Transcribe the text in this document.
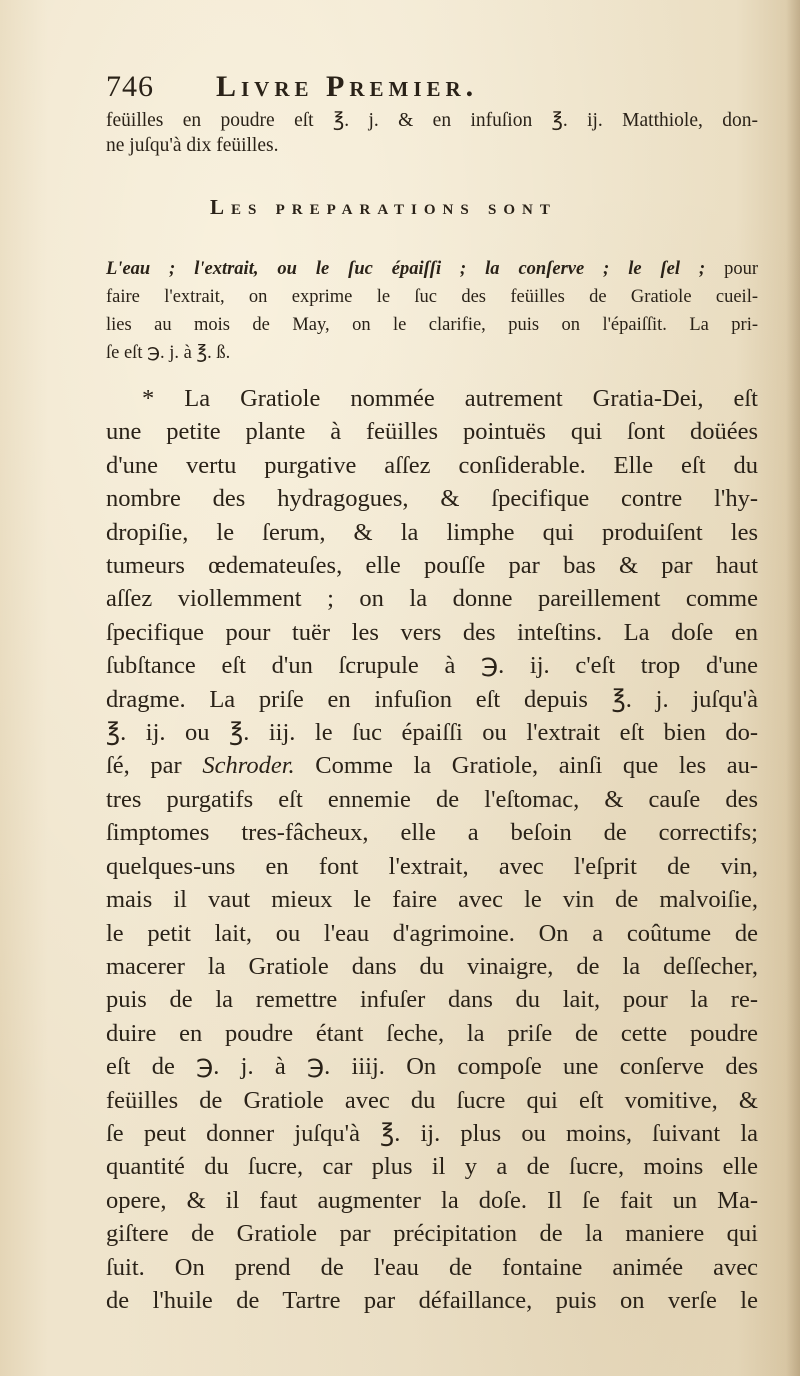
746	Livre Premier.

feüilles en poudre eſt ℥. j. & en infuſion ℥. ij. Matthiole, don-
ne juſqu'à dix feüilles.

Les preparations sont

L'eau ; l'extrait, ou le ſuc épaiſſi ; la conſerve ; le ſel ; pour
faire l'extrait, on exprime le ſuc des feüilles de Gratiole cueil-
lies au mois de May, on le clarifie, puis on l'épaiſſit. La pri-
ſe eſt ℈. j. à ℥. ß.

* La Gratiole nommée autrement Gratia-Dei, eſt
une petite plante à feüilles pointuës qui ſont doüées
d'une vertu purgative aſſez conſiderable. Elle eſt du
nombre des hydragogues, & ſpecifique contre l'hy-
dropiſie, le ſerum, & la limphe qui produiſent les
tumeurs œdemateuſes, elle pouſſe par bas & par haut
aſſez viollemment ; on la donne pareillement comme
ſpecifique pour tuër les vers des inteſtins. La doſe en
ſubſtance eſt d'un ſcrupule à ℈. ij. c'eſt trop d'une
dragme. La priſe en infuſion eſt depuis ℥. j. juſqu'à
℥. ij. ou ℥. iij. le ſuc épaiſſi ou l'extrait eſt bien do-
ſé, par Schroder. Comme la Gratiole, ainſi que les au-
tres purgatifs eſt ennemie de l'eſtomac, & cauſe des
ſimptomes tres-fâcheux, elle a beſoin de correctifs;
quelques-uns en font l'extrait, avec l'eſprit de vin,
mais il vaut mieux le faire avec le vin de malvoiſie,
le petit lait, ou l'eau d'agrimoine. On a coûtume de
macerer la Gratiole dans du vinaigre, de la deſſecher,
puis de la remettre infuſer dans du lait, pour la re-
duire en poudre étant ſeche, la priſe de cette poudre
eſt de ℈. j. à ℈. iiij. On compoſe une conſerve des
feüilles de Gratiole avec du ſucre qui eſt vomitive, &
ſe peut donner juſqu'à ℥. ij. plus ou moins, ſuivant la
quantité du ſucre, car plus il y a de ſucre, moins elle
opere, & il faut augmenter la doſe. Il ſe fait un Ma-
giſtere de Gratiole par précipitation de la maniere qui
ſuit. On prend de l'eau de fontaine animée avec
de l'huile de Tartre par défaillance, puis on verſe le
